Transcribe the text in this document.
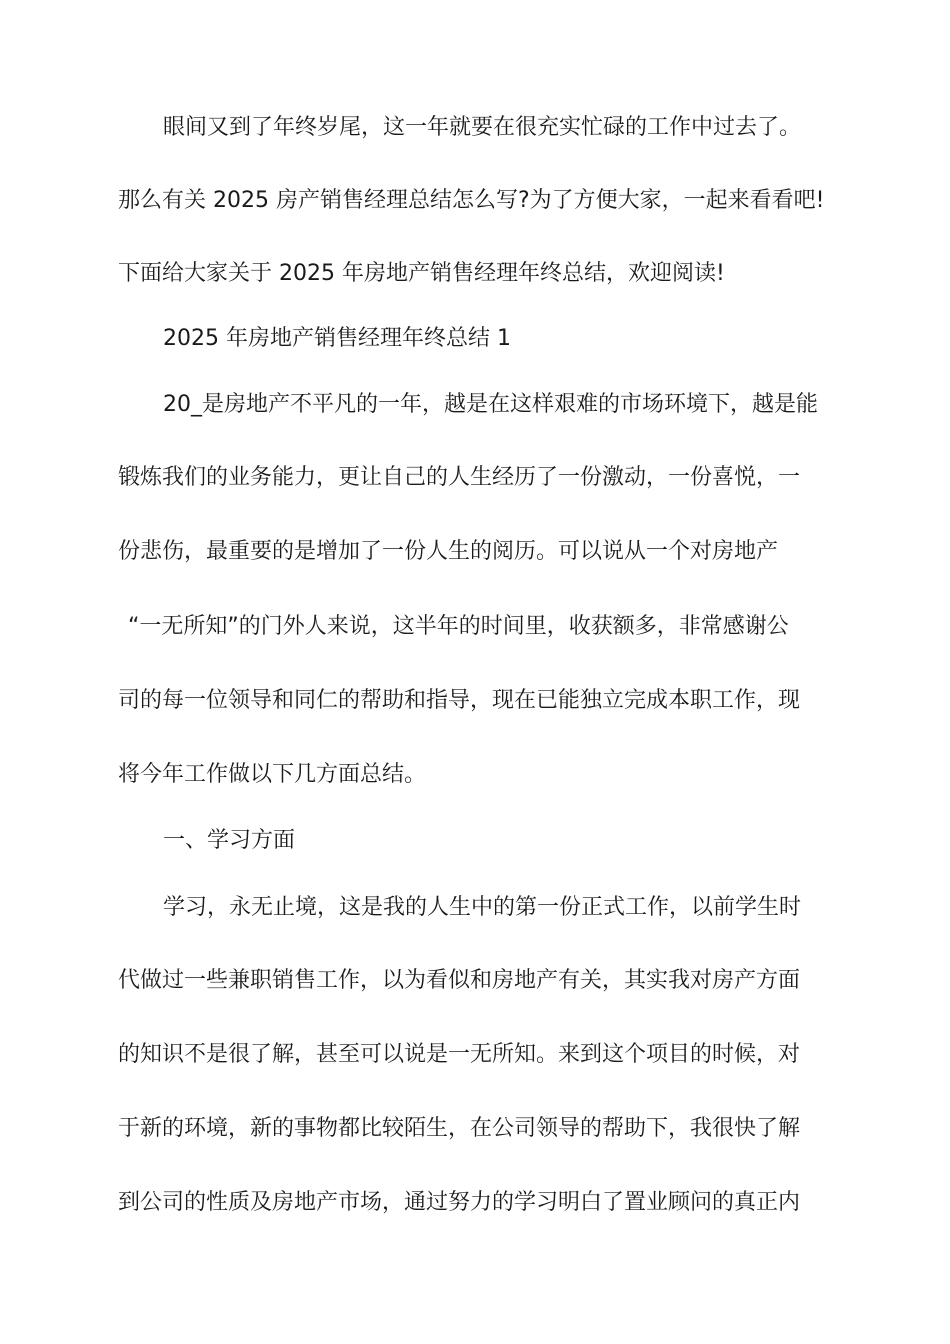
眼间又到了年终岁尾，这一年就要在很充实忙碌的工作中过去了。
那么有关 2025 房产销售经理总结怎么写?为了方便大家，一起来看看吧!
下面给大家关于 2025 年房地产销售经理年终总结，欢迎阅读!
2025 年房地产销售经理年终总结 1
20_是房地产不平凡的一年，越是在这样艰难的市场环境下，越是能
锻炼我们的业务能力，更让自己的人生经历了一份激动，一份喜悦，一
份悲伤，最重要的是增加了一份人生的阅历。可以说从一个对房地产
“一无所知”的门外人来说，这半年的时间里，收获额多，非常感谢公
司的每一位领导和同仁的帮助和指导，现在已能独立完成本职工作，现
将今年工作做以下几方面总结。
一、学习方面
学习，永无止境，这是我的人生中的第一份正式工作，以前学生时
代做过一些兼职销售工作，以为看似和房地产有关，其实我对房产方面
的知识不是很了解，甚至可以说是一无所知。来到这个项目的时候，对
于新的环境，新的事物都比较陌生，在公司领导的帮助下，我很快了解
到公司的性质及房地产市场，通过努力的学习明白了置业顾问的真正内
